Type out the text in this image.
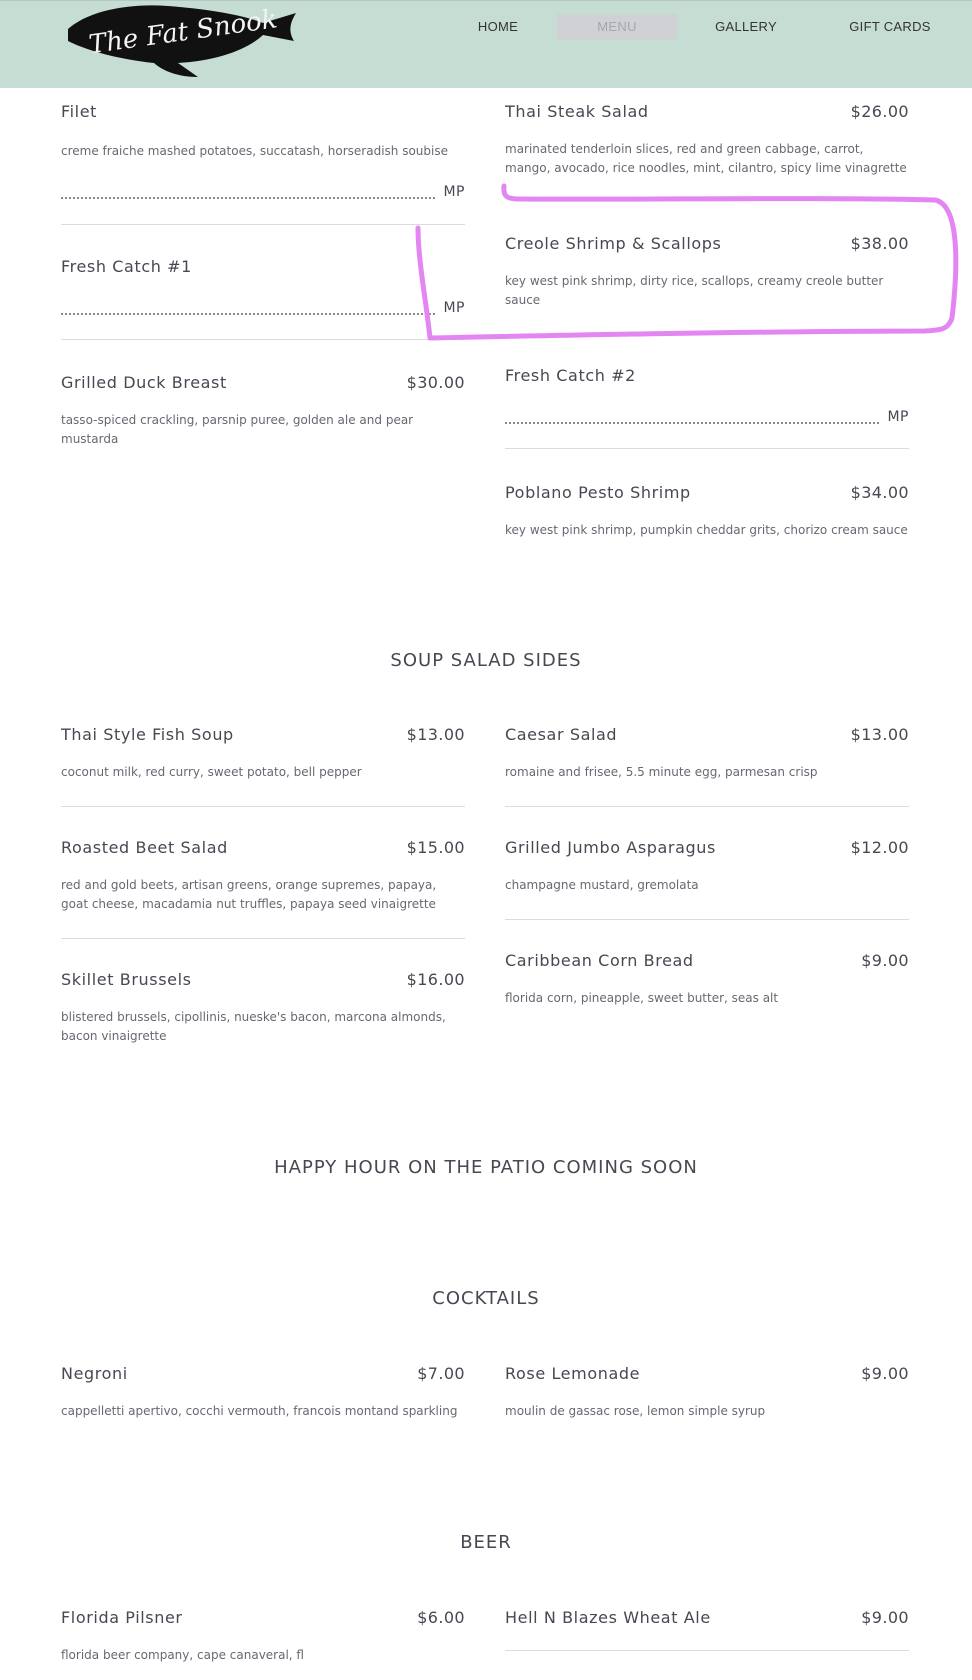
The Fat Snook	HOME	MENU	GALLERY	GIFT CARDS
Filet
creme fraiche mashed potatoes, succatash, horseradish soubise
MP
Fresh Catch #1
MP
Grilled Duck Breast	$30.00
tasso-spiced crackling, parsnip puree, golden ale and pear mustarda
Thai Steak Salad	$26.00
marinated tenderloin slices, red and green cabbage, carrot, mango, avocado, rice noodles, mint, cilantro, spicy lime vinagrette
Creole Shrimp & Scallops	$38.00
key west pink shrimp, dirty rice, scallops, creamy creole butter sauce
Fresh Catch #2
MP
Poblano Pesto Shrimp	$34.00
key west pink shrimp, pumpkin cheddar grits, chorizo cream sauce
SOUP SALAD SIDES
Thai Style Fish Soup	$13.00
coconut milk, red curry, sweet potato, bell pepper
Roasted Beet Salad	$15.00
red and gold beets, artisan greens, orange supremes, papaya, goat cheese, macadamia nut truffles, papaya seed vinaigrette
Skillet Brussels	$16.00
blistered brussels, cipollinis, nueske's bacon, marcona almonds, bacon vinaigrette
Caesar Salad	$13.00
romaine and frisee, 5.5 minute egg, parmesan crisp
Grilled Jumbo Asparagus	$12.00
champagne mustard, gremolata
Caribbean Corn Bread	$9.00
florida corn, pineapple, sweet butter, seas alt
HAPPY HOUR ON THE PATIO COMING SOON
COCKTAILS
Negroni	$7.00
cappelletti apertivo, cocchi vermouth, francois montand sparkling
Rose Lemonade	$9.00
moulin de gassac rose, lemon simple syrup
BEER
Florida Pilsner	$6.00
florida beer company, cape canaveral, fl
Hell N Blazes Wheat Ale	$9.00
